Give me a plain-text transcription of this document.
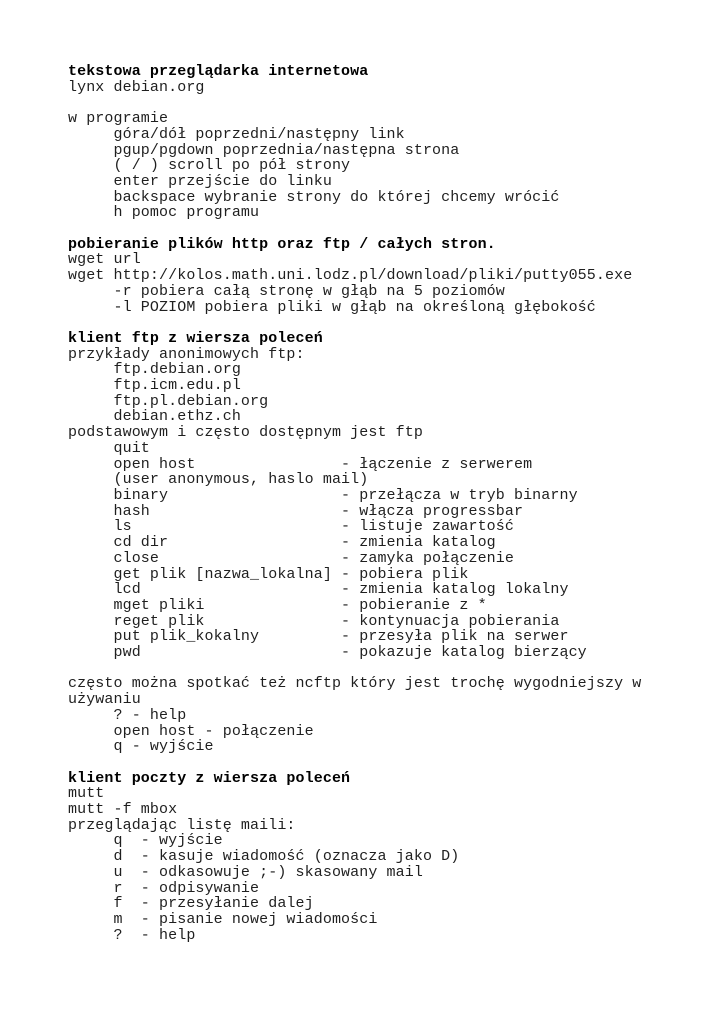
tekstowa przeglądarka internetowa
lynx debian.org

w programie
góra/dół poprzedni/następny link
pgup/pgdown poprzednia/następna strona
( / ) scroll po pół strony
enter przejście do linku
backspace wybranie strony do której chcemy wrócić
h pomoc programu

pobieranie plików http oraz ftp / całych stron.
wget url
wget http://kolos.math.uni.lodz.pl/download/pliki/putty055.exe
-r pobiera całą stronę w głąb na 5 poziomów
-l POZIOM pobiera pliki w głąb na określoną głębokość

klient ftp z wiersza poleceń
przykłady anonimowych ftp:
ftp.debian.org
ftp.icm.edu.pl
ftp.pl.debian.org
debian.ethz.ch
podstawowym i często dostępnym jest ftp
quit
open host                - łączenie z serwerem
(user anonymous, haslo mail)
binary                   - przełącza w tryb binarny
hash                     - włącza progressbar
ls                       - listuje zawartość
cd dir                   - zmienia katalog
close                    - zamyka połączenie
get plik [nazwa_lokalna] - pobiera plik
lcd                      - zmienia katalog lokalny
mget pliki               - pobieranie z *
reget plik               - kontynuacja pobierania
put plik_kokalny         - przesyła plik na serwer
pwd                      - pokazuje katalog bierzący

często można spotkać też ncftp który jest trochę wygodniejszy w
używaniu
? - help
open host - połączenie
q - wyjście

klient poczty z wiersza poleceń
mutt
mutt -f mbox
przeglądając listę maili:
q  - wyjście
d  - kasuje wiadomość (oznacza jako D)
u  - odkasowuje ;-) skasowany mail
r  - odpisywanie
f  - przesyłanie dalej
m  - pisanie nowej wiadomości
?  - help
